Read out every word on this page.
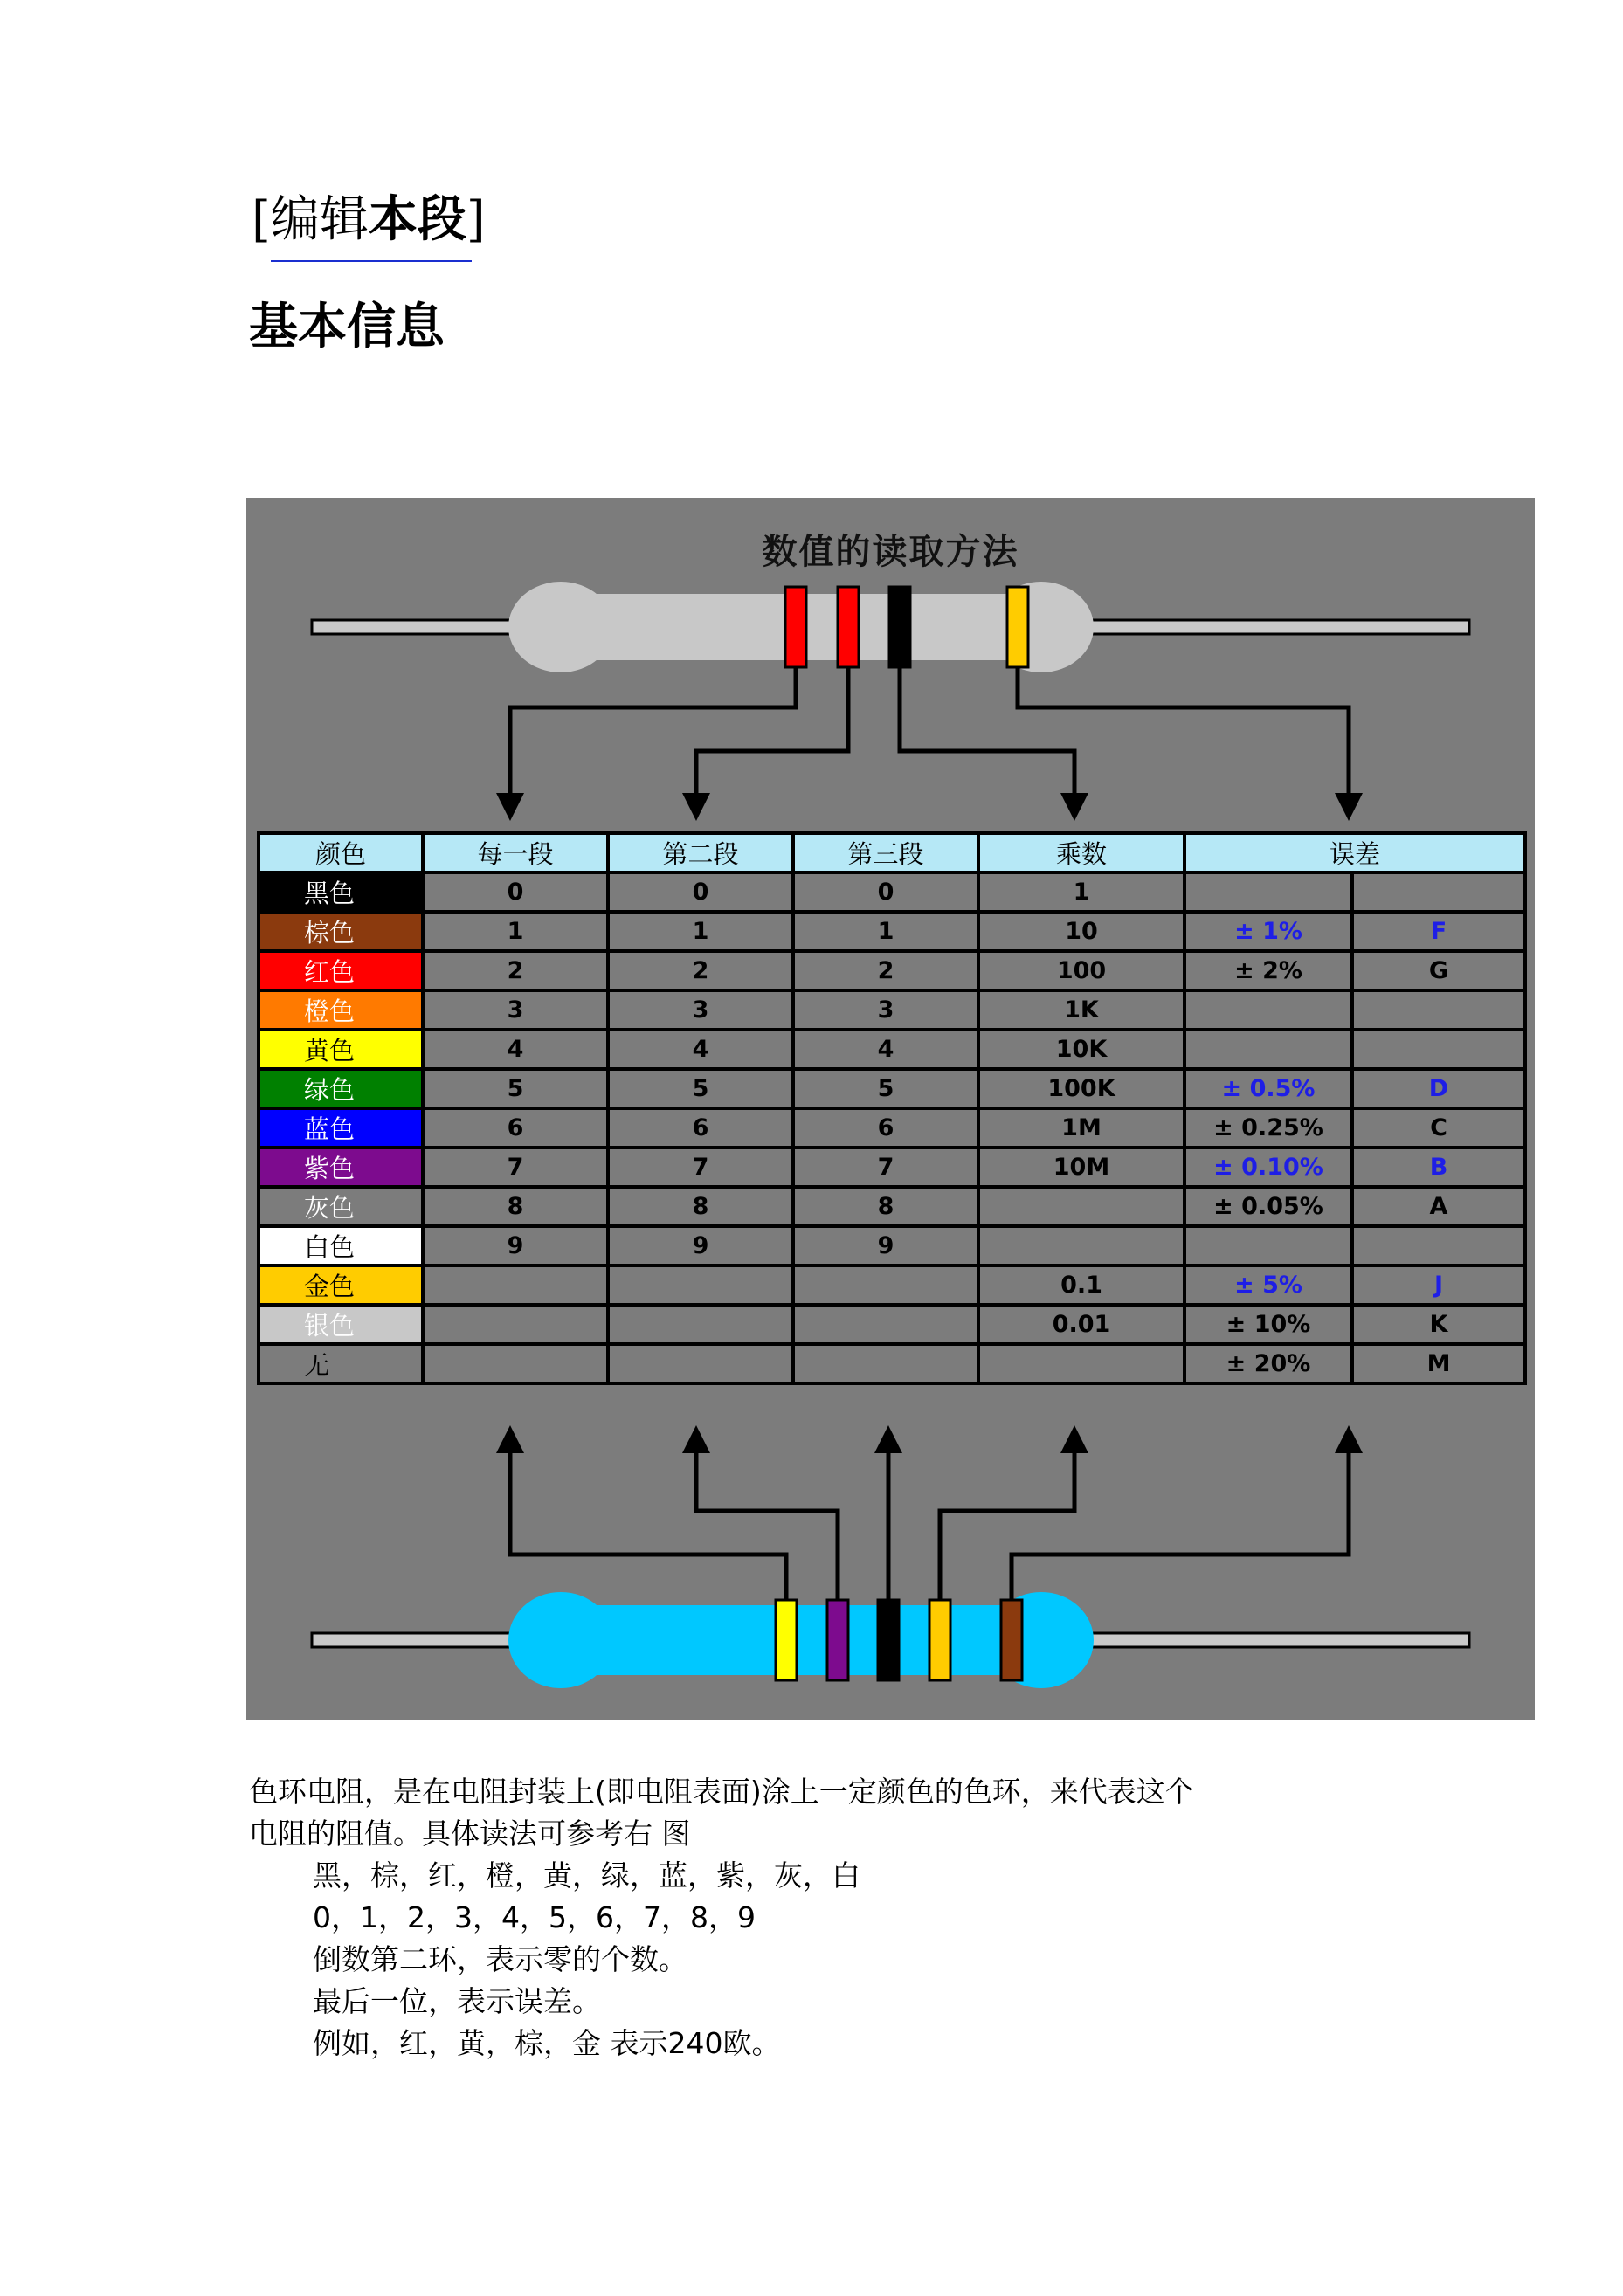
[编辑本段]
基本信息
数值的读取方法
颜色	每一段	第二段	第三段	乘数	误差	
黑色	0	0	0	1		
棕色	1	1	1	10	± 1%	F
红色	2	2	2	100	± 2%	G
橙色	3	3	3	1K		
黄色	4	4	4	10K		
绿色	5	5	5	100K	± 0.5%	D
蓝色	6	6	6	1M	± 0.25%	C
紫色	7	7	7	10M	± 0.10%	B
灰色	8	8	8		± 0.05%	A
白色	9	9	9			
金色				0.1	± 5%	J
银色				0.01	± 10%	K
无					± 20%	M
色环电阻，是在电阻封装上(即电阻表面)涂上一定颜色的色环，来代表这个
电阻的阻值。具体读法可参考右 图
黑，棕，红，橙，黄，绿，蓝，紫，灰，白
0，1，2，3，4，5，6，7，8，9
倒数第二环，表示零的个数。
最后一位，表示误差。
例如，红，黄，棕，金 表示240欧。
